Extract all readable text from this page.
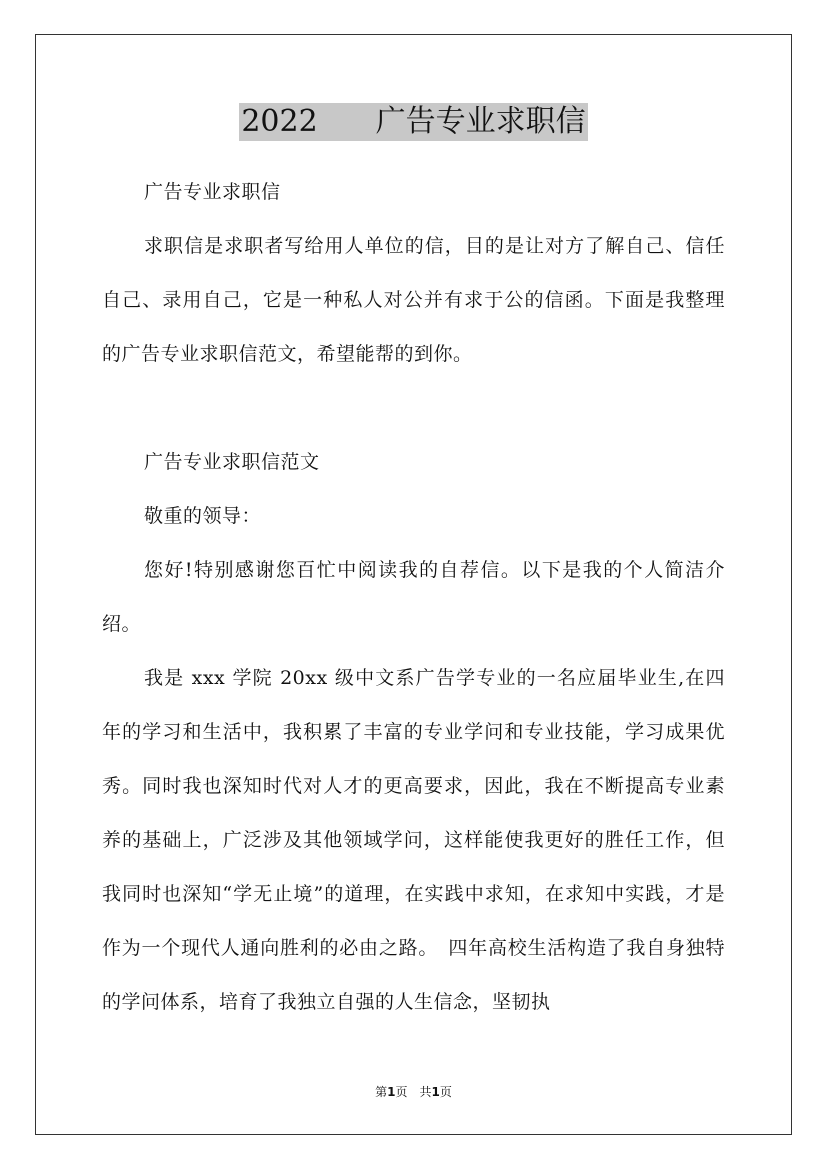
2022 广告专业求职信

广告专业求职信

求职信是求职者写给用人单位的信，目的是让对方了解自己、信任自己、录用自己，它是一种私人对公并有求于公的信函。下面是我整理的广告专业求职信范文，希望能帮的到你。

广告专业求职信范文

敬重的领导：

您好!特别感谢您百忙中阅读我的自荐信。以下是我的个人简洁介绍。

我是 xxx 学院 20xx 级中文系广告学专业的一名应届毕业生,在四年的学习和生活中，我积累了丰富的专业学问和专业技能，学习成果优秀。同时我也深知时代对人才的更高要求，因此，我在不断提高专业素养的基础上，广泛涉及其他领域学问，这样能使我更好的胜任工作，但我同时也深知“学无止境”的道理，在实践中求知，在求知中实践，才是作为一个现代人通向胜利的必由之路。　四年高校生活构造了我自身独特的学问体系，培育了我独立自强的人生信念，坚韧执

第1页　共1页
